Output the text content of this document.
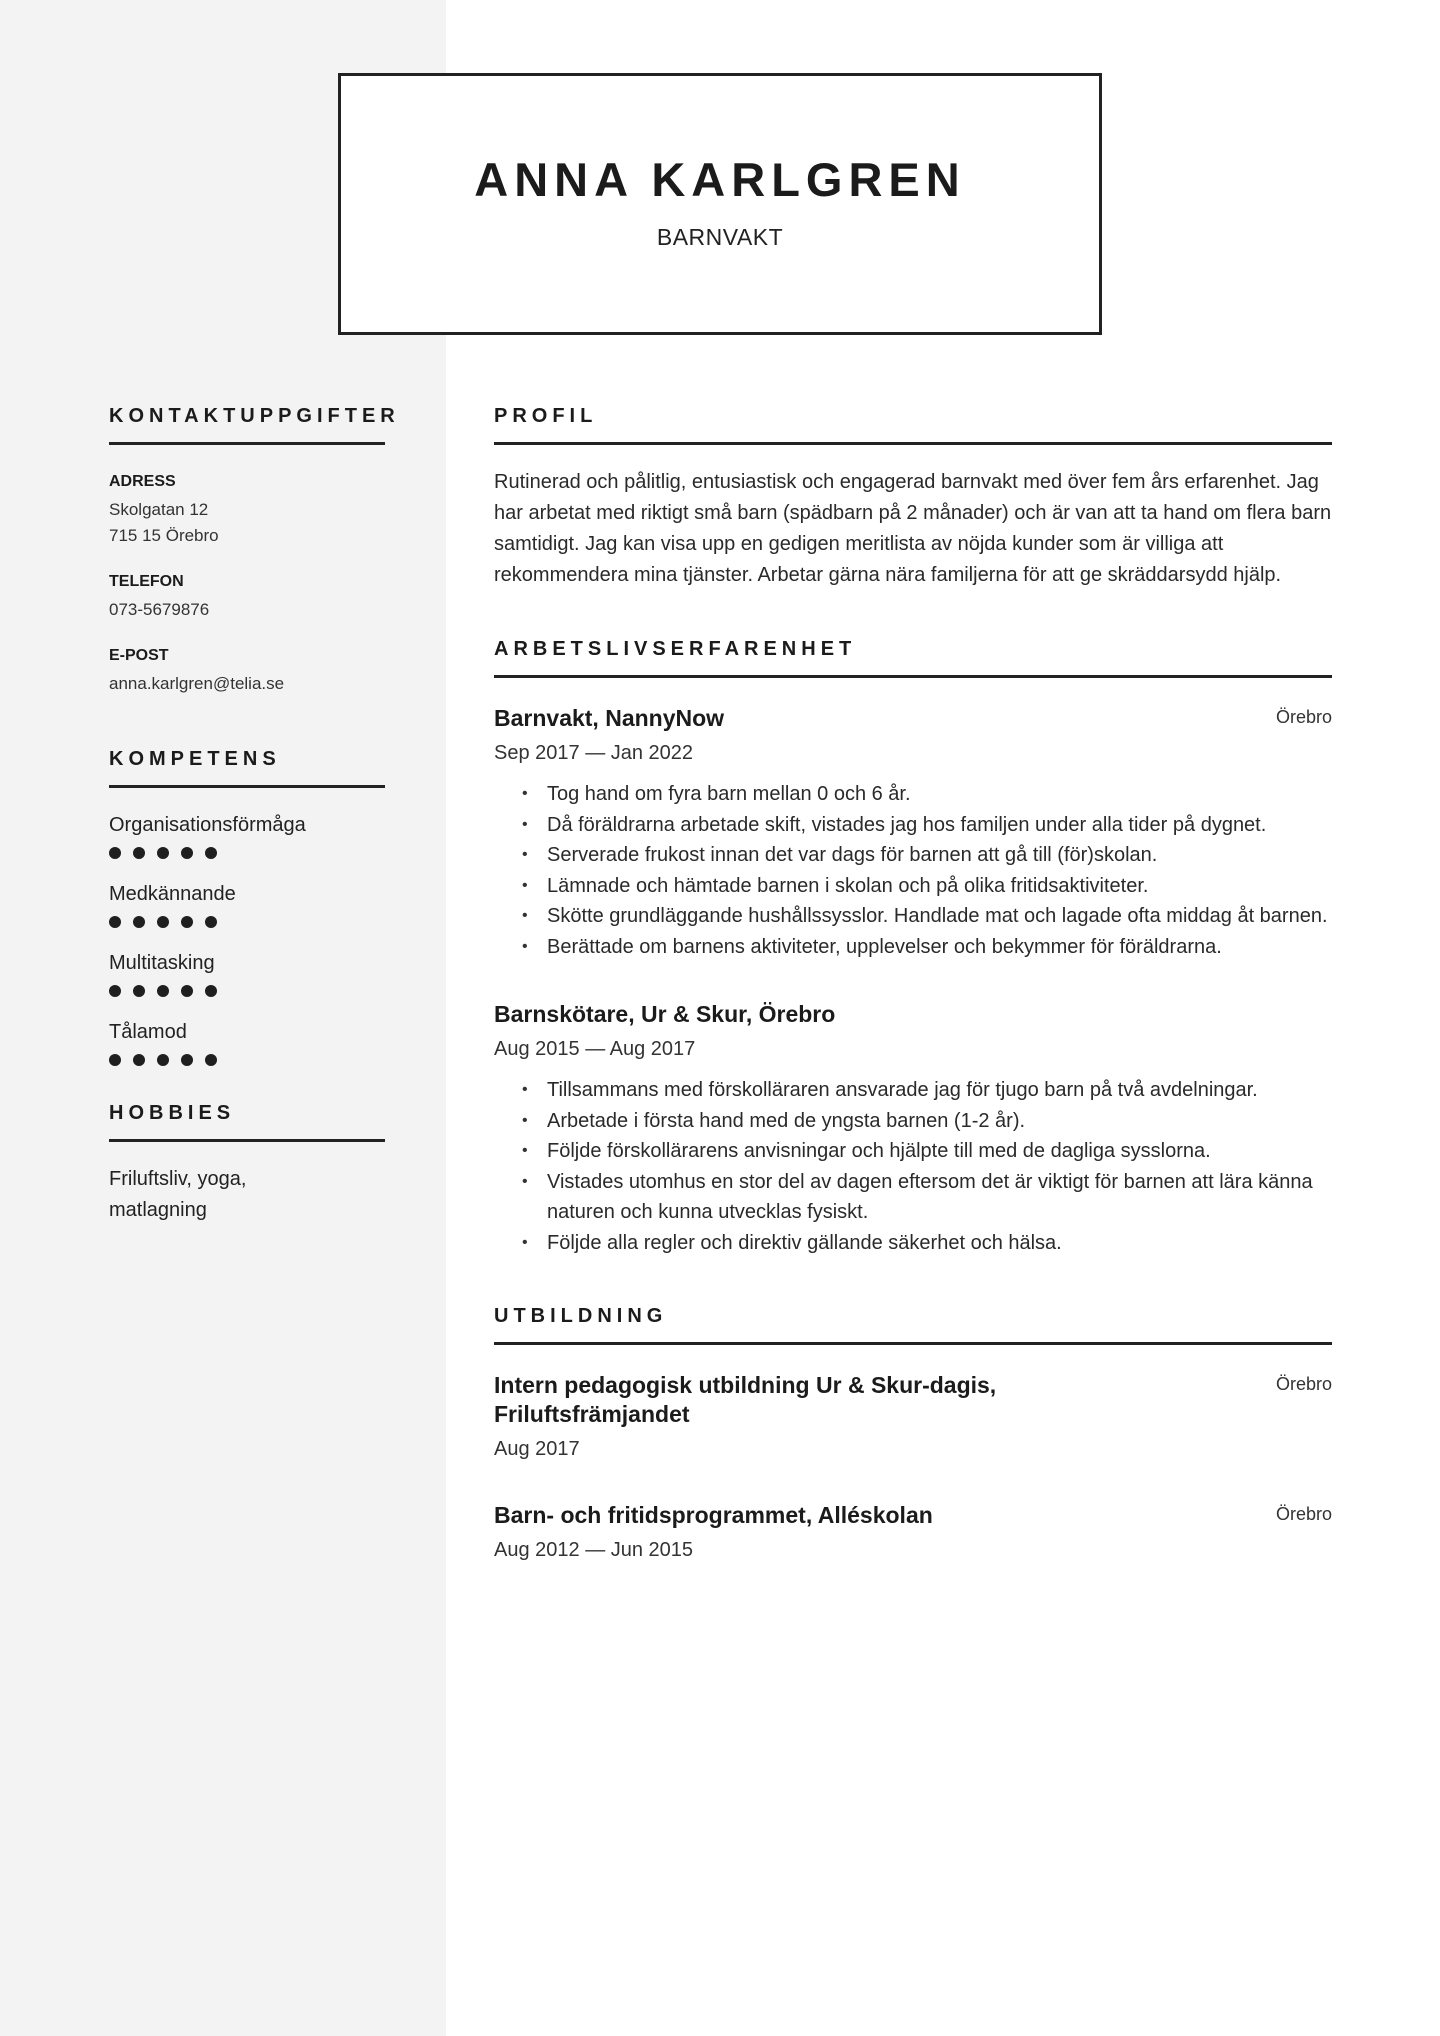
ANNA KARLGREN
BARNVAKT
KONTAKTUPPGIFTER
ADRESS
Skolgatan 12
715 15 Örebro
TELEFON
073-5679876
E-POST
anna.karlgren@telia.se
KOMPETENS
Organisationsförmåga
Medkännande
Multitasking
Tålamod
HOBBIES
Friluftsliv, yoga, matlagning
PROFIL
Rutinerad och pålitlig, entusiastisk och engagerad barnvakt med över fem års erfarenhet. Jag har arbetat med riktigt små barn (spädbarn på 2 månader) och är van att ta hand om flera barn samtidigt. Jag kan visa upp en gedigen meritlista av nöjda kunder som är villiga att rekommendera mina tjänster. Arbetar gärna nära familjerna för att ge skräddarsydd hjälp.
ARBETSLIVSERFARENHET
Barnvakt, NannyNow	Örebro
Sep 2017 — Jan 2022
• Tog hand om fyra barn mellan 0 och 6 år.
• Då föräldrarna arbetade skift, vistades jag hos familjen under alla tider på dygnet.
• Serverade frukost innan det var dags för barnen att gå till (för)skolan.
• Lämnade och hämtade barnen i skolan och på olika fritidsaktiviteter.
• Skötte grundläggande hushållssysslor. Handlade mat och lagade ofta middag åt barnen.
• Berättade om barnens aktiviteter, upplevelser och bekymmer för föräldrarna.
Barnskötare, Ur & Skur, Örebro
Aug 2015 — Aug 2017
• Tillsammans med förskolläraren ansvarade jag för tjugo barn på två avdelningar.
• Arbetade i första hand med de yngsta barnen (1-2 år).
• Följde förskollärarens anvisningar och hjälpte till med de dagliga sysslorna.
• Vistades utomhus en stor del av dagen eftersom det är viktigt för barnen att lära känna naturen och kunna utvecklas fysiskt.
• Följde alla regler och direktiv gällande säkerhet och hälsa.
UTBILDNING
Intern pedagogisk utbildning Ur & Skur-dagis, Friluftsfrämjandet
Örebro
Aug 2017
Barn- och fritidsprogrammet, Alléskolan	Örebro
Aug 2012 — Jun 2015
